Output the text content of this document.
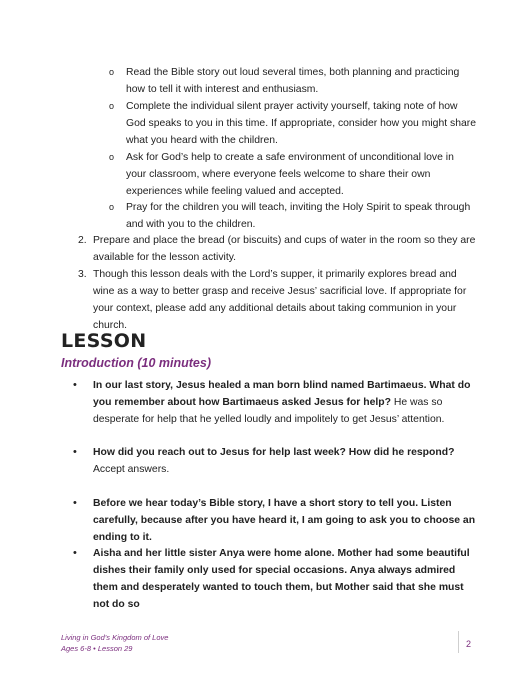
o Read the Bible story out loud several times, both planning and practicing how to tell it with interest and enthusiasm.
o Complete the individual silent prayer activity yourself, taking note of how God speaks to you in this time. If appropriate, consider how you might share what you heard with the children.
o Ask for God’s help to create a safe environment of unconditional love in your classroom, where everyone feels welcome to share their own experiences while feeling valued and accepted.
o Pray for the children you will teach, inviting the Holy Spirit to speak through and with you to the children.
2. Prepare and place the bread (or biscuits) and cups of water in the room so they are available for the lesson activity.
3. Though this lesson deals with the Lord’s supper, it primarily explores bread and wine as a way to better grasp and receive Jesus’ sacrificial love. If appropriate for your context, please add any additional details about taking communion in your church.
LESSON
Introduction (10 minutes)
• In our last story, Jesus healed a man born blind named Bartimaeus. What do you remember about how Bartimaeus asked Jesus for help? He was so desperate for help that he yelled loudly and impolitely to get Jesus’ attention.
• How did you reach out to Jesus for help last week? How did he respond? Accept answers.
• Before we hear today’s Bible story, I have a short story to tell you. Listen carefully, because after you have heard it, I am going to ask you to choose an ending to it.
• Aisha and her little sister Anya were home alone. Mother had some beautiful dishes their family only used for special occasions. Anya always admired them and desperately wanted to touch them, but Mother said that she must not do so
Living in God’s Kingdom of Love
Ages 6-8 • Lesson 29	2
